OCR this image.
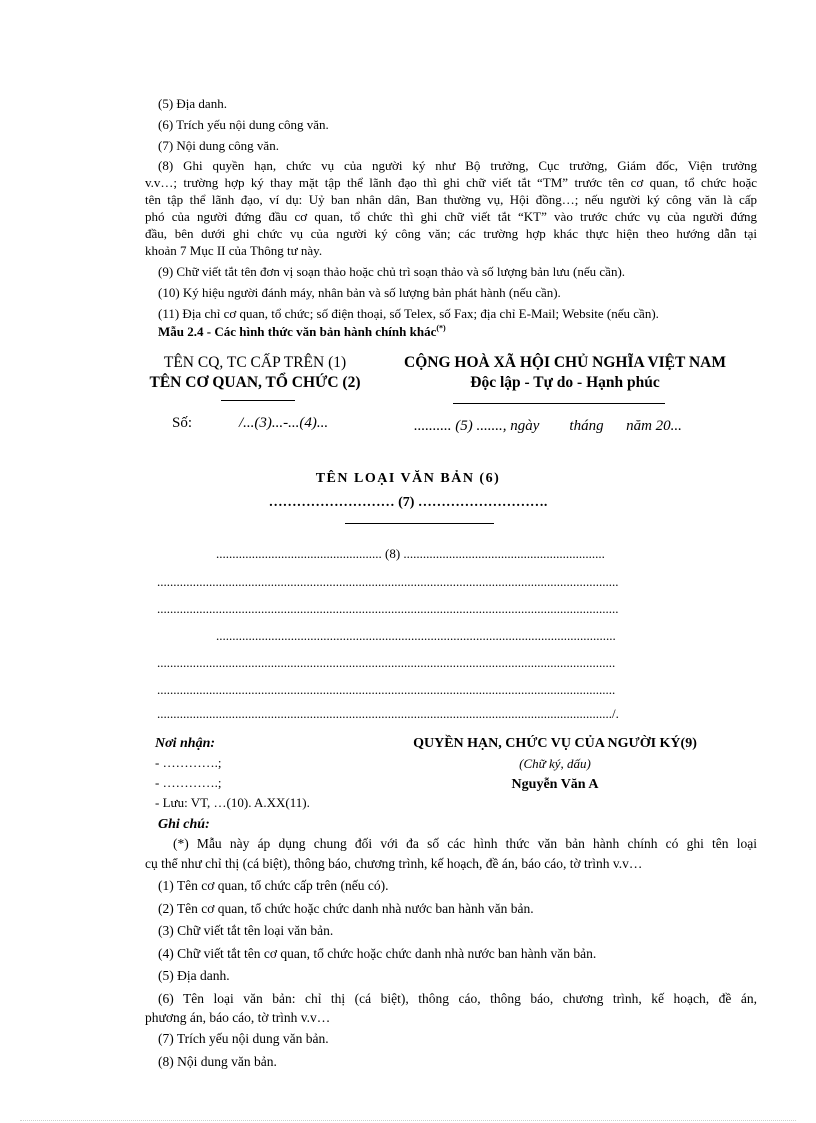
(5) Địa danh.
(6) Trích yếu nội dung công văn.
(7) Nội dung công văn.
(8) Ghi quyền hạn, chức vụ của người ký như Bộ trưởng, Cục trưởng, Giám đốc, Viện trưởng
v.v…; trường hợp ký thay mặt tập thể lãnh đạo thì ghi chữ viết tắt “TM” trước tên cơ quan, tổ chức hoặc
tên tập thể lãnh đạo, ví dụ: Uỷ ban nhân dân, Ban thường vụ, Hội đồng…; nếu người ký công văn là cấp
phó của người đứng đầu cơ quan, tổ chức thì ghi chữ viết tắt “KT” vào trước chức vụ của người đứng
đầu, bên dưới ghi chức vụ của người ký công văn; các trường hợp khác thực hiện theo hướng dẫn tại
khoản 7 Mục II của Thông tư này.
(9) Chữ viết tắt tên đơn vị soạn thảo hoặc chủ trì soạn thảo và số lượng bản lưu (nếu cần).
(10) Ký hiệu người đánh máy, nhân bản và số lượng bản phát hành (nếu cần).
(11) Địa chỉ cơ quan, tổ chức; số điện thoại, số Telex, số Fax; địa chỉ E-Mail; Website (nếu cần).
Mẫu 2.4 - Các hình thức văn bản hành chính khác(*)
TÊN CQ, TC CẤP TRÊN (1)
TÊN CƠ QUAN, TỔ CHỨC (2)
CỘNG HOÀ XÃ HỘI CHỦ NGHĨA VIỆT NAM
Độc lập - Tự do - Hạnh phúc
Số:	/...(3)...-...(4)...	.......... (5) ......., ngày        tháng      năm 20...
TÊN LOẠI VĂN BẢN (6)
……………………… (7) ……………………….
................................................... (8) ..............................................................
..............................................................................................................................................
..............................................................................................................................................
...........................................................................................................................
.............................................................................................................................................
.............................................................................................................................................
............................................................................................................................................/.
Nơi nhận:
- ………….;
- ………….;
- Lưu: VT, …(10). A.XX(11).
QUYỀN HẠN, CHỨC VỤ CỦA NGƯỜI KÝ(9)
(Chữ ký, dấu)
Nguyễn Văn A
Ghi chú:
(*) Mẫu này áp dụng chung đối với đa số các hình thức văn bản hành chính có ghi tên loại
cụ thể như chỉ thị (cá biệt), thông báo, chương trình, kế hoạch, đề án, báo cáo, tờ trình v.v…
(1) Tên cơ quan, tổ chức cấp trên (nếu có).
(2) Tên cơ quan, tổ chức hoặc chức danh nhà nước ban hành văn bản.
(3) Chữ viết tắt tên loại văn bản.
(4) Chữ viết tắt tên cơ quan, tổ chức hoặc chức danh nhà nước ban hành văn bản.
(5) Địa danh.
(6) Tên loại văn bản: chỉ thị (cá biệt), thông cáo, thông báo, chương trình, kế hoạch, đề án,
phương án, báo cáo, tờ trình v.v…
(7) Trích yếu nội dung văn bản.
(8) Nội dung văn bản.
